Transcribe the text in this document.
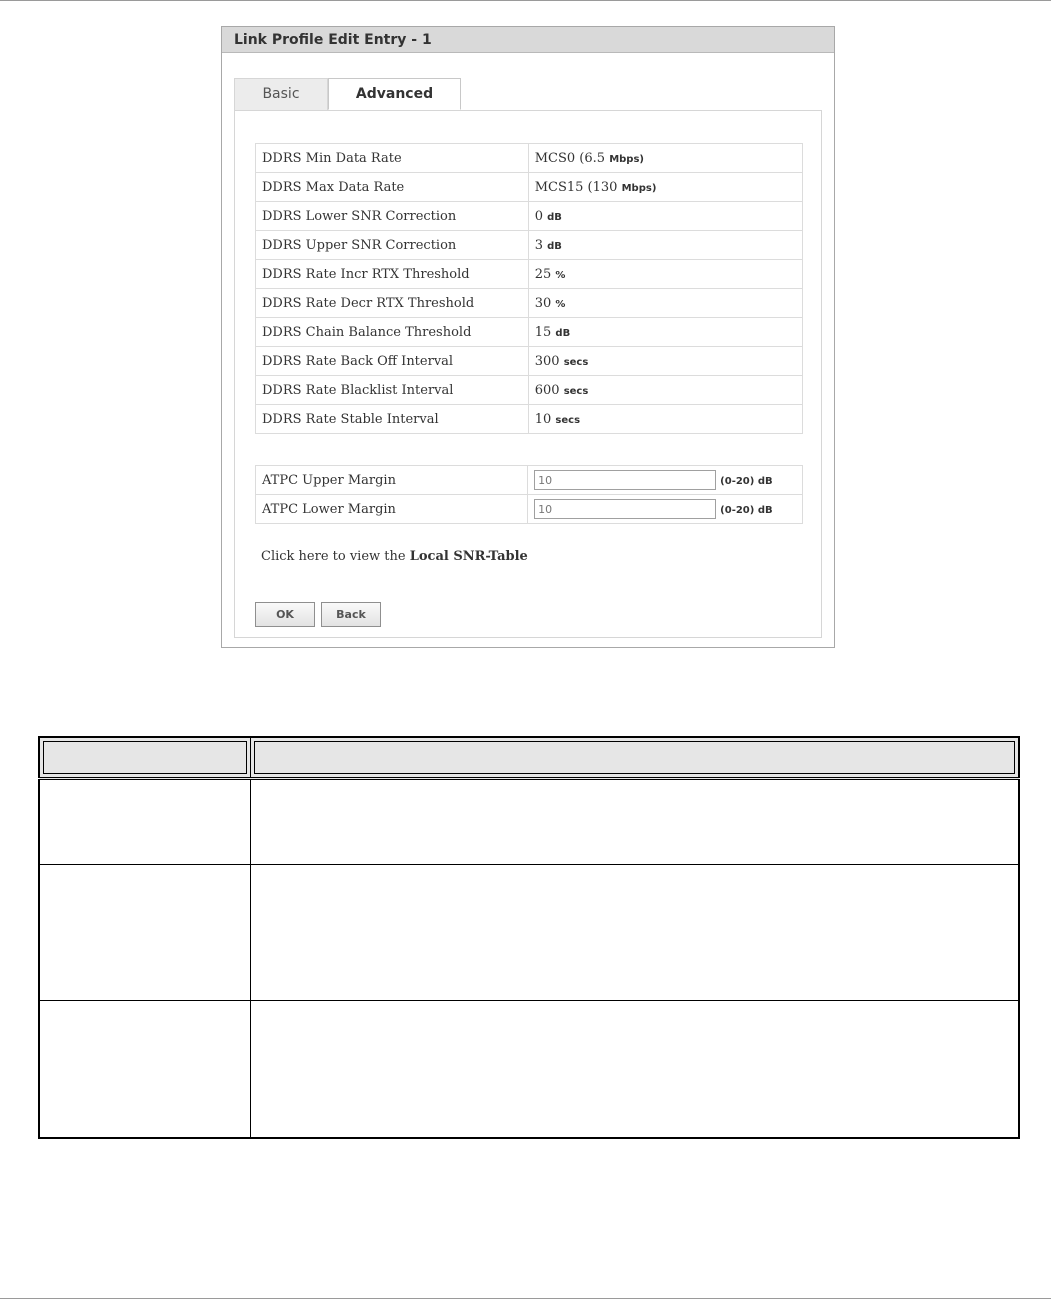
Link Profile Edit Entry - 1
Basic	Advanced
DDRS Min Data Rate	MCS0 (6.5 Mbps)
DDRS Max Data Rate	MCS15 (130 Mbps)
DDRS Lower SNR Correction	0 dB
DDRS Upper SNR Correction	3 dB
DDRS Rate Incr RTX Threshold	25 %
DDRS Rate Decr RTX Threshold	30 %
DDRS Chain Balance Threshold	15 dB
DDRS Rate Back Off Interval	300 secs
DDRS Rate Blacklist Interval	600 secs
DDRS Rate Stable Interval	10 secs
ATPC Upper Margin	10(0-20) dB
ATPC Lower Margin	10(0-20) dB
Click here to view the Local SNR-Table
OK	Back
